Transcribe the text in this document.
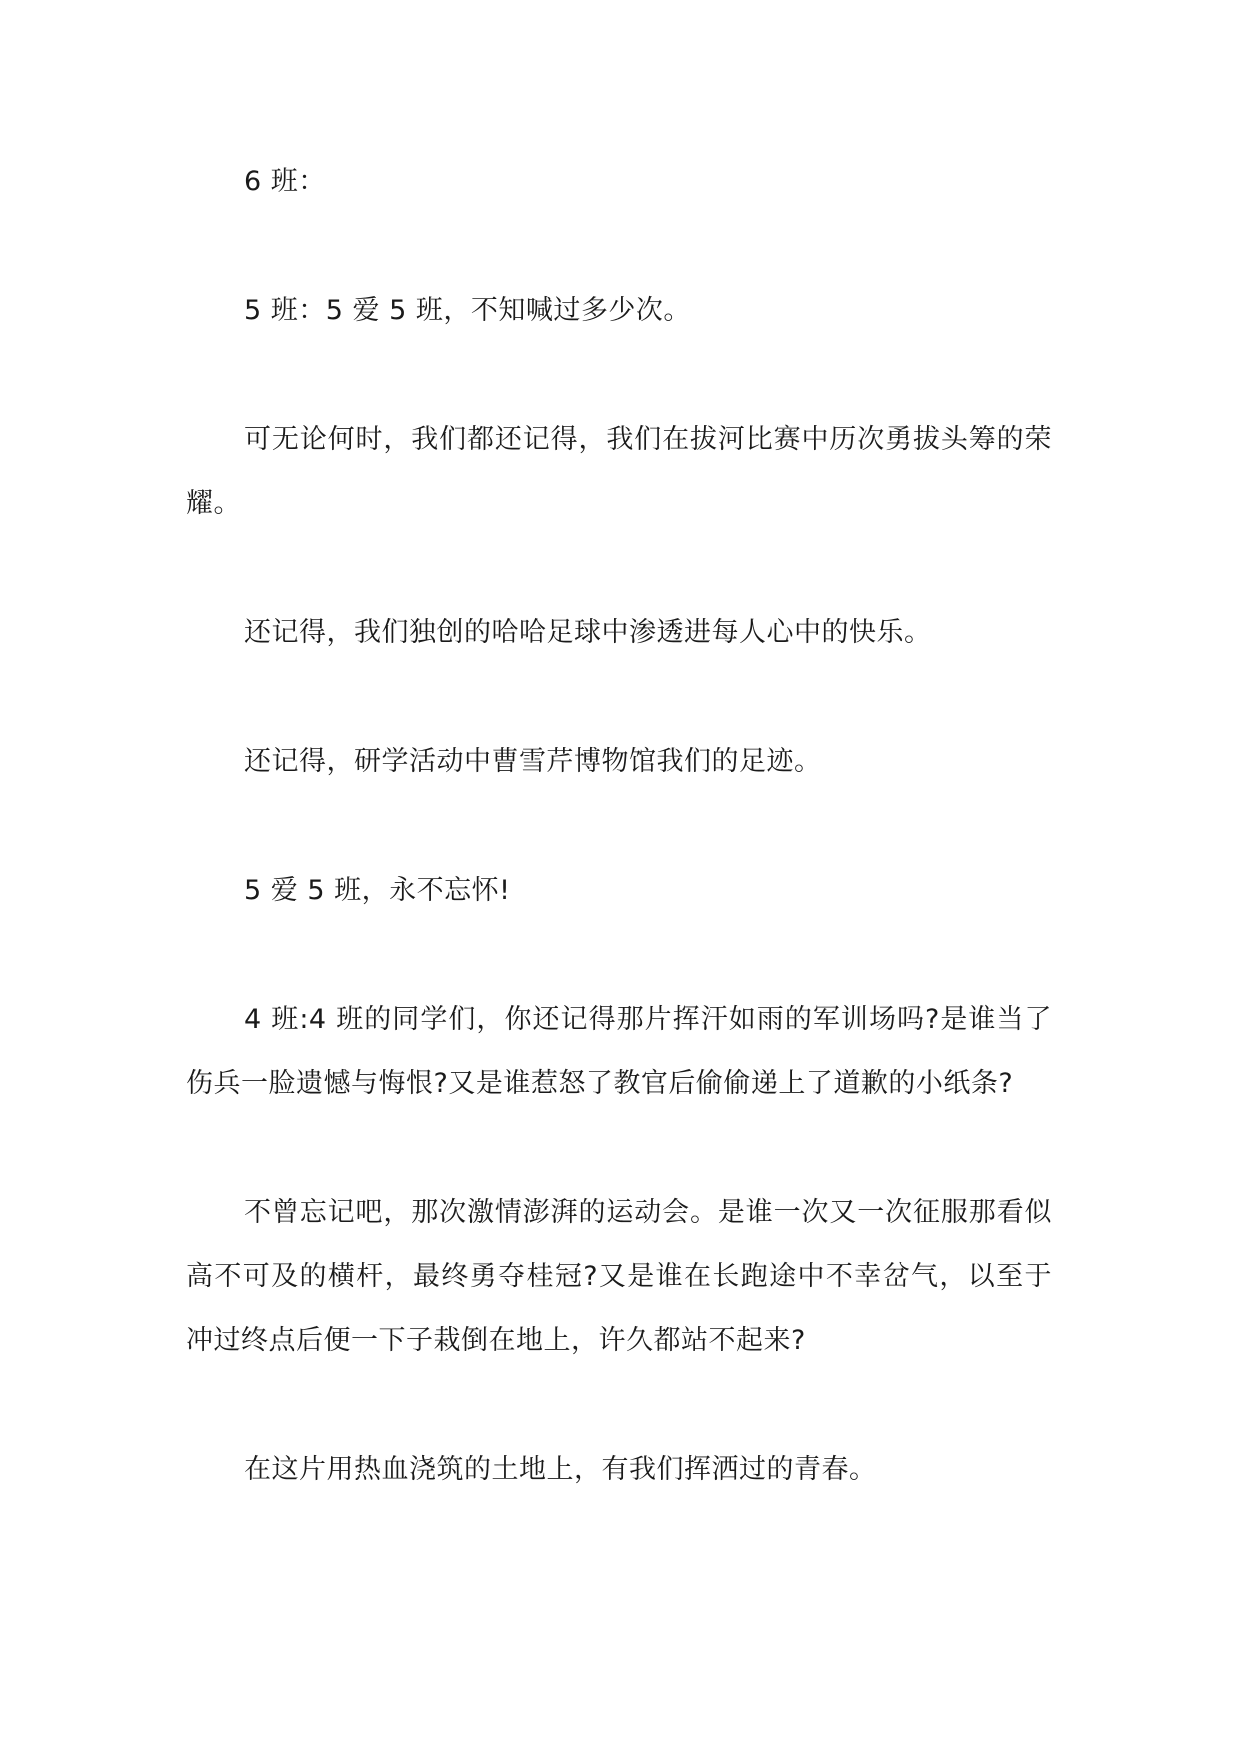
6 班：

5 班：5 爱 5 班，不知喊过多少次。

可无论何时，我们都还记得，我们在拔河比赛中历次勇拔头筹的荣耀。

还记得，我们独创的哈哈足球中渗透进每人心中的快乐。

还记得，研学活动中曹雪芹博物馆我们的足迹。

5 爱 5 班，永不忘怀!

4 班:4 班的同学们，你还记得那片挥汗如雨的军训场吗?是谁当了伤兵一脸遗憾与悔恨?又是谁惹怒了教官后偷偷递上了道歉的小纸条?

不曾忘记吧，那次激情澎湃的运动会。是谁一次又一次征服那看似高不可及的横杆，最终勇夺桂冠?又是谁在长跑途中不幸岔气，以至于冲过终点后便一下子栽倒在地上，许久都站不起来?

在这片用热血浇筑的土地上，有我们挥洒过的青春。
